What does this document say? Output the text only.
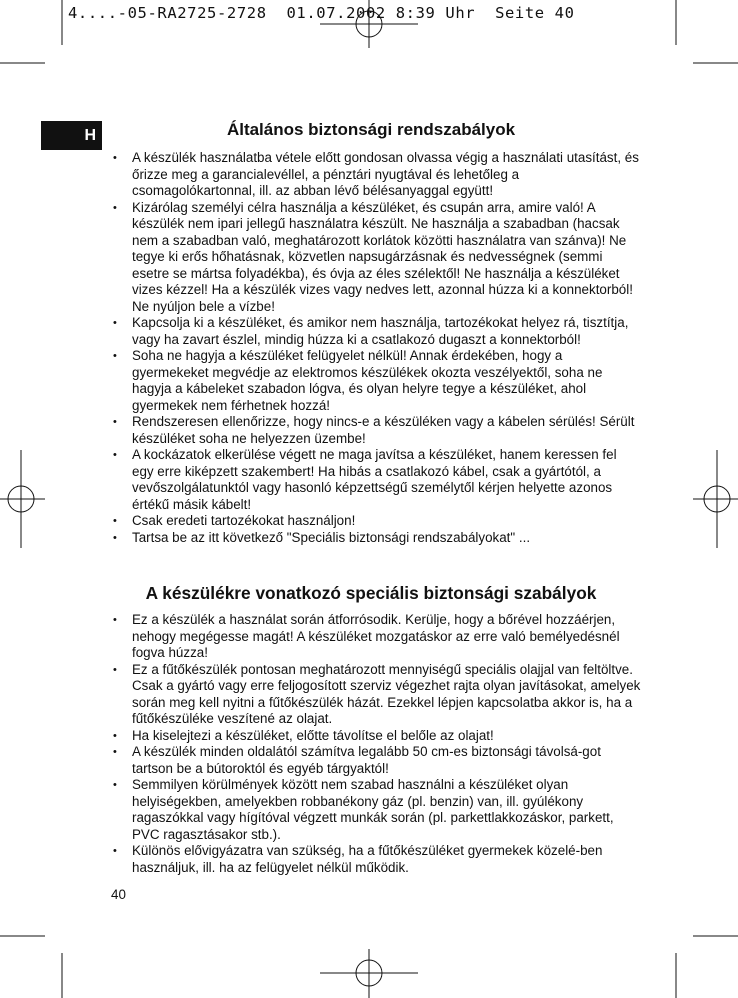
4....-05-RA2725-2728  01.07.2002 8:39 Uhr  Seite 40
H	Általános biztonsági rendszabályok
• A készülék használatba vétele előtt gondosan olvassa végig a használati utasítást, és őrizze meg a garancialevéllel, a pénztári nyugtával és lehetőleg a csomagolókartonnal, ill. az abban lévő bélésanyaggal együtt!
• Kizárólag személyi célra használja a készüléket, és csupán arra, amire való! A készülék nem ipari jellegű használatra készült. Ne használja a szabadban (hacsak nem a szabadban való, meghatározott korlátok közötti használatra van szánva)! Ne tegye ki erős hőhatásnak, közvetlen napsugárzásnak és nedvességnek (semmi esetre se mártsa folyadékba), és óvja az éles szélektől! Ne használja a készüléket vizes kézzel! Ha a készülék vizes vagy nedves lett, azonnal húzza ki a konnektorból! Ne nyúljon bele a vízbe!
• Kapcsolja ki a készüléket, és amikor nem használja, tartozékokat helyez rá, tisztítja, vagy ha zavart észlel, mindig húzza ki a csatlakozó dugaszt a konnektorból!
• Soha ne hagyja a készüléket felügyelet nélkül! Annak érdekében, hogy a gyermekeket megvédje az elektromos készülékek okozta veszélyektől, soha ne hagyja a kábeleket szabadon lógva, és olyan helyre tegye a készüléket, ahol gyermekek nem férhetnek hozzá!
• Rendszeresen ellenőrizze, hogy nincs-e a készüléken vagy a kábelen sérülés! Sérült készüléket soha ne helyezzen üzembe!
• A kockázatok elkerülése végett ne maga javítsa a készüléket, hanem keressen fel egy erre kiképzett szakembert! Ha hibás a csatlakozó kábel, csak a gyártótól, a vevőszolgálatunktól vagy hasonló képzettségű személytől kérjen helyette azonos értékű másik kábelt!
• Csak eredeti tartozékokat használjon!
• Tartsa be az itt következő "Speciális biztonsági rendszabályokat" ...
A készülékre vonatkozó speciális biztonsági szabályok
• Ez a készülék a használat során átforrósodik. Kerülje, hogy a bőrével hozzáérjen, nehogy megégesse magát! A készüléket mozgatáskor az erre való bemélyedésnél fogva húzza!
• Ez a fűtőkészülék pontosan meghatározott mennyiségű speciális olajjal van feltöltve. Csak a gyártó vagy erre feljogosított szerviz végezhet rajta olyan javításokat, amelyek során meg kell nyitni a fűtőkészülék házát. Ezekkel lépjen kapcsolatba akkor is, ha a fűtőkészüléke veszítené az olajat.
• Ha kiselejtezi a készüléket, előtte távolítse el belőle az olajat!
• A készülék minden oldalától számítva legalább 50 cm-es biztonsági távolsá-got tartson be a bútoroktól és egyéb tárgyaktól!
• Semmilyen körülmények között nem szabad használni a készüléket olyan helyiségekben, amelyekben robbanékony gáz (pl. benzin) van, ill. gyúlékony ragaszókkal vagy hígítóval végzett munkák során (pl. parkettlakkozáskor, parkett, PVC ragasztásakor stb.).
• Különös elővigyázatra van szükség, ha a fűtőkészüléket gyermekek közelé-ben használjuk, ill. ha az felügyelet nélkül működik.
40
